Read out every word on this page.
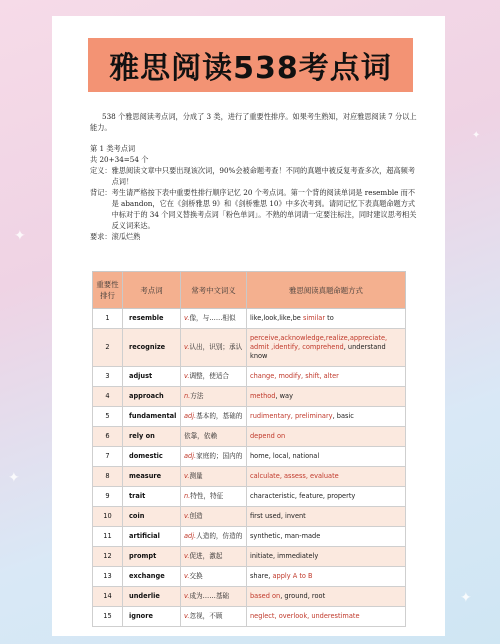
✦
✦
✦
✦
雅思阅读538考点词

538 个雅思阅读考点词，分成了 3 类，进行了重要性排序。如果考生熟知，对应雅思阅读 7 分以上能力。

第 1 类考点词

共 20+34=54 个

定义： 雅思阅读文章中只要出现该次词，90%会被命题考查！不同的真题中被反复考查多次，超高频考点词！
背记： 考生请严格按下表中重要性排行顺序记忆 20 个考点词。第一个背的阅读单词是 resemble 而不是 abandon，它在《剑桥雅思 9》和《剑桥雅思 10》中多次考到。请同记忆下表真题命题方式中标对于的 34 个同义替换考点词「粉色单词」。不熟的单词请一定要注标注，同时建议思考相关反义词来达。
要求： 滚瓜烂熟
重要性排行	考点词	常考中文词义	雅思阅读真题命题方式
1	resemble	v.像，与……相似	like,look,like,be similar to
2	recognize	v.认出，识别；承认	perceive,acknowledge,realize,appreciate, admit ,identify, comprehend, understand know
3	adjust	v.调整，使适合	change, modify, shift, alter
4	approach	n.方法	method, way
5	fundamental	adj.基本的，基础的	rudimentary, preliminary, basic
6	rely on	依靠，依赖	depend on
7	domestic	adj.家庭的；国内的	home, local, national
8	measure	v.测量	calculate, assess, evaluate
9	trait	n.特性，特征	characteristic, feature, property
10	coin	v.创造	first used, invent
11	artificial	adj.人造的，仿造的	synthetic, man-made
12	prompt	v.促进，激起	initiate, immediately
13	exchange	v.交换	share, apply A to B
14	underlie	v.成为……基础	based on, ground, root
15	ignore	v.忽视，不顾	neglect, overlook, underestimate
